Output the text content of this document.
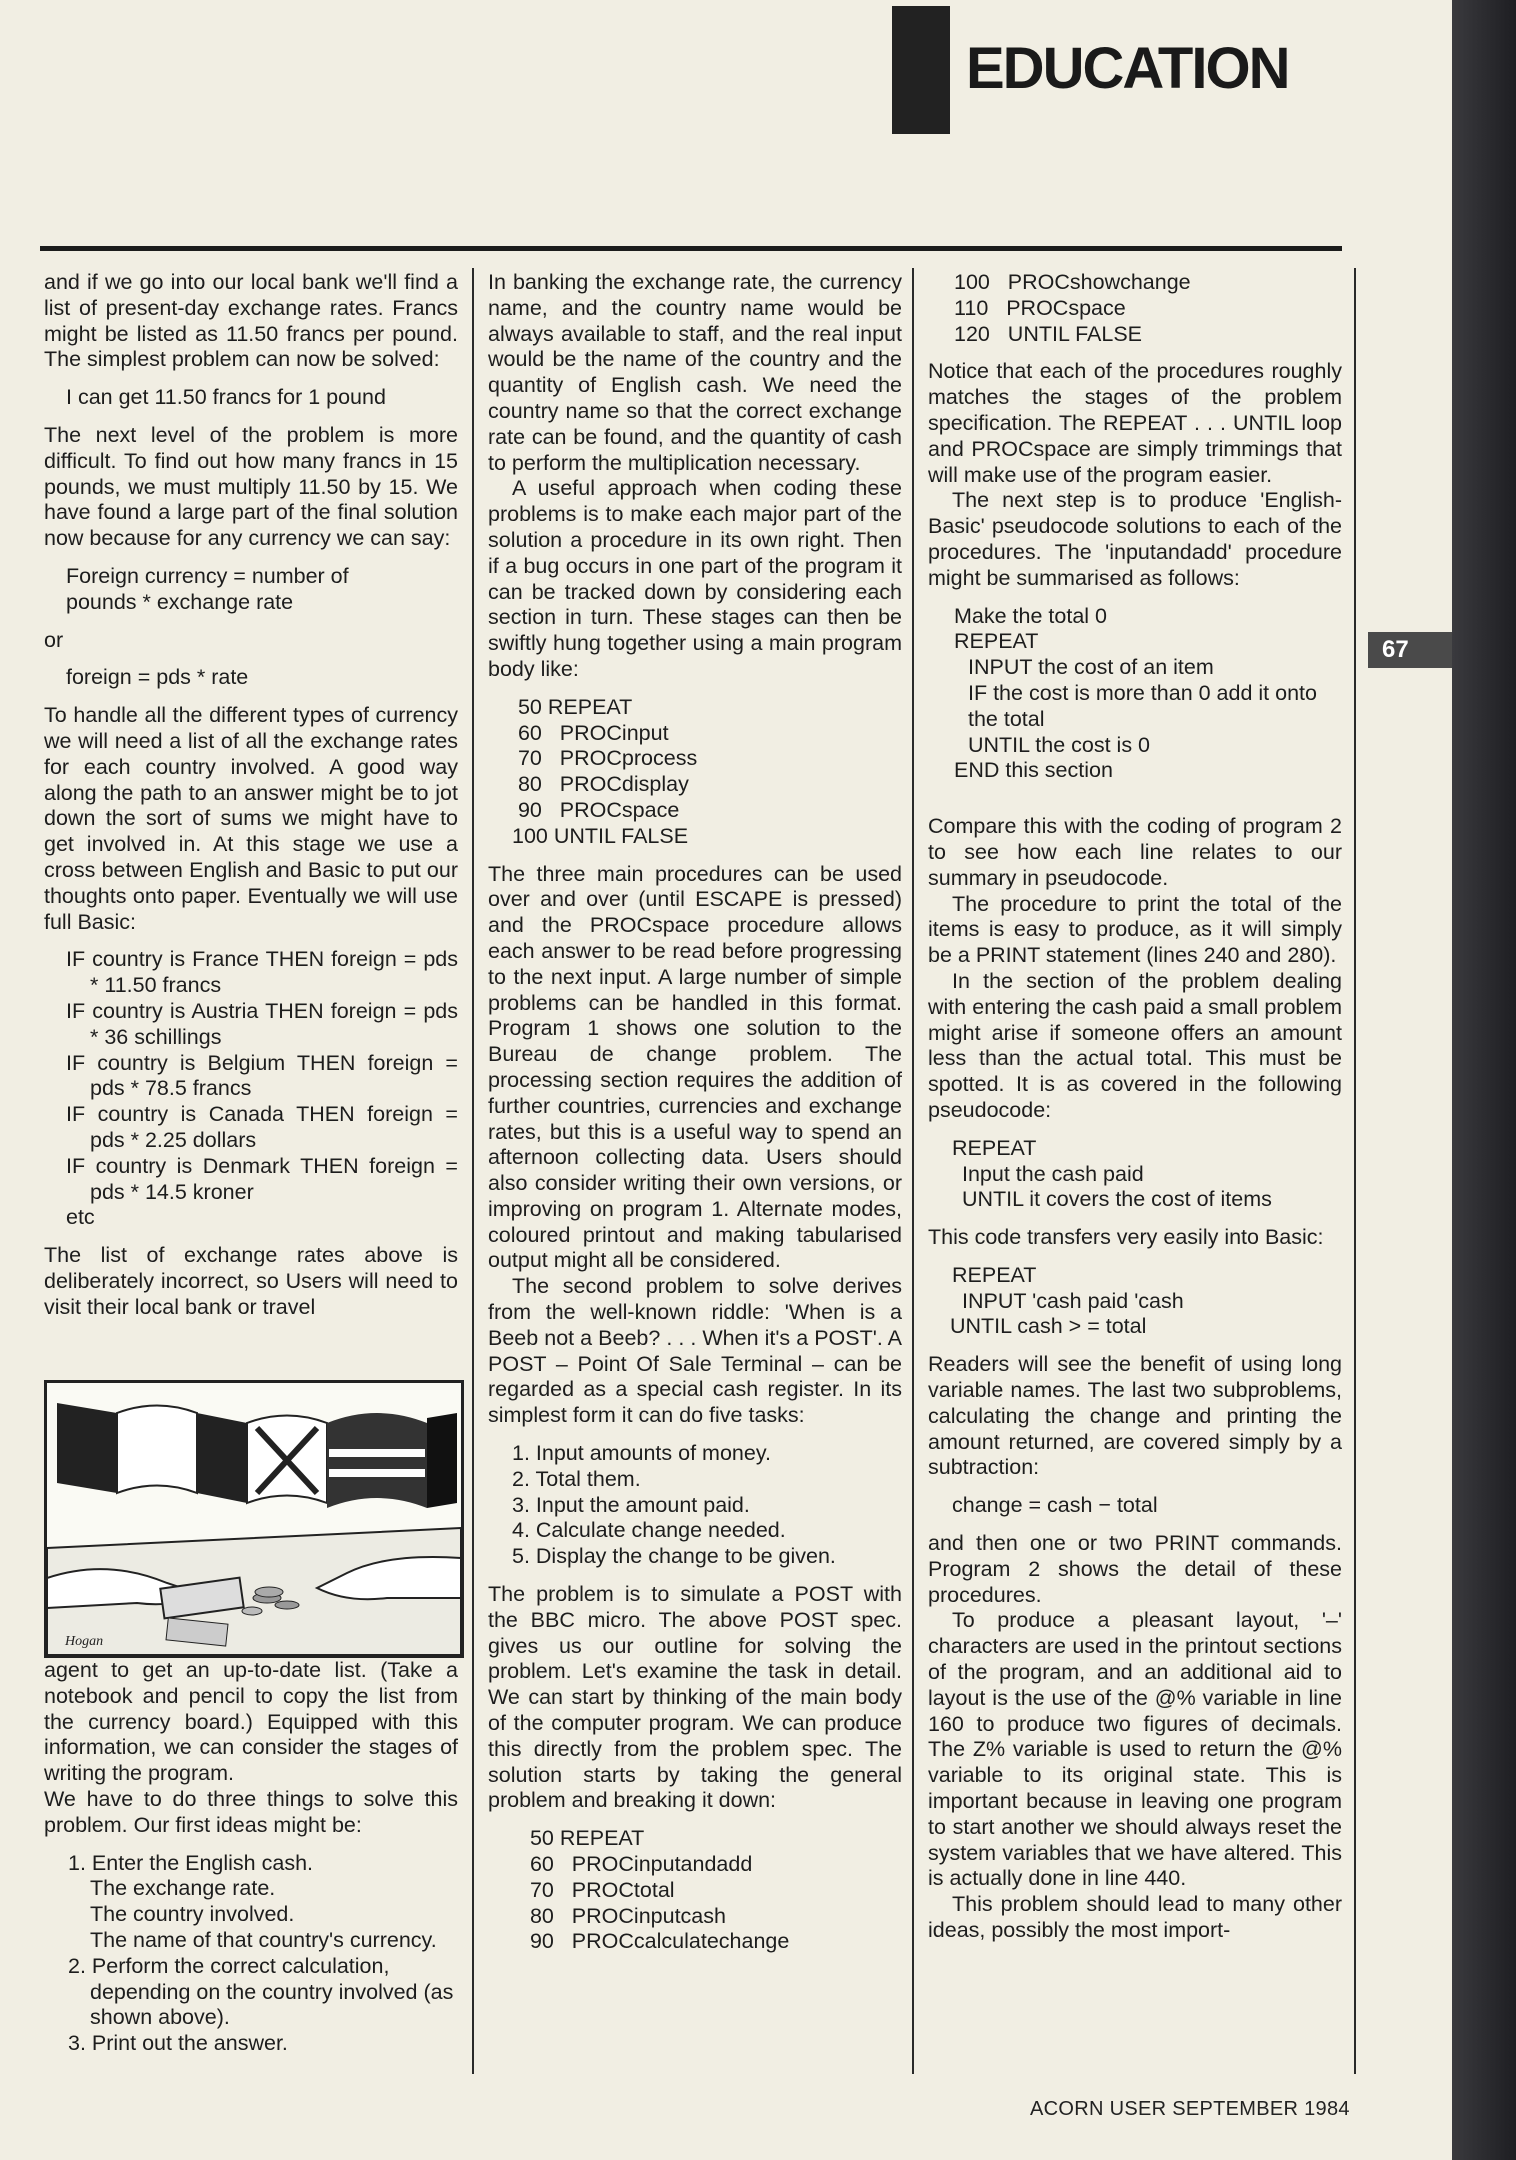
EDUCATION

and if we go into our local bank we'll find a list of present-day exchange rates. Francs might be listed as 11.50 francs per pound. The simplest problem can now be solved:

I can get 11.50 francs for 1 pound

The next level of the problem is more difficult. To find out how many francs in 15 pounds, we must multiply 11.50 by 15. We have found a large part of the final solution now because for any currency we can say:

Foreign currency = number of pounds * exchange rate

or

foreign = pds * rate

To handle all the different types of currency we will need a list of all the exchange rates for each country involved. A good way along the path to an answer might be to jot down the sort of sums we might have to get involved in. At this stage we use a cross between English and Basic to put our thoughts onto paper. Eventually we will use full Basic:

IF country is France THEN foreign = pds * 11.50 francs
IF country is Austria THEN foreign = pds * 36 schillings
IF country is Belgium THEN foreign = pds * 78.5 francs
IF country is Canada THEN foreign = pds * 2.25 dollars
IF country is Denmark THEN foreign = pds * 14.5 kroner
etc

The list of exchange rates above is deliberately incorrect, so Users will need to visit their local bank or travel

Hogan

agent to get an up-to-date list. (Take a notebook and pencil to copy the list from the currency board.) Equipped with this information, we can consider the stages of writing the program.

We have to do three things to solve this problem. Our first ideas might be:

1. Enter the English cash.
The exchange rate.
The country involved.
The name of that country's currency.
2. Perform the correct calculation, depending on the country involved (as shown above).
3. Print out the answer.

In banking the exchange rate, the currency name, and the country name would be always available to staff, and the real input would be the name of the country and the quantity of English cash. We need the country name so that the correct exchange rate can be found, and the quantity of cash to perform the multiplication necessary.

A useful approach when coding these problems is to make each major part of the solution a procedure in its own right. Then if a bug occurs in one part of the program it can be tracked down by considering each section in turn. These stages can then be swiftly hung together using a main program body like:

50 REPEAT
60   PROCinput
70   PROCprocess
80   PROCdisplay
90   PROCspace
100 UNTIL FALSE

The three main procedures can be used over and over (until ESCAPE is pressed) and the PROCspace procedure allows each answer to be read before progressing to the next input. A large number of simple problems can be handled in this format. Program 1 shows one solution to the Bureau de change problem. The processing section requires the addition of further countries, currencies and exchange rates, but this is a useful way to spend an afternoon collecting data. Users should also consider writing their own versions, or improving on program 1. Alternate modes, coloured printout and making tabularised output might all be considered.

The second problem to solve derives from the well-known riddle: 'When is a Beeb not a Beeb? . . . When it's a POST'. A POST – Point Of Sale Terminal – can be regarded as a special cash register. In its simplest form it can do five tasks:

1. Input amounts of money.
2. Total them.
3. Input the amount paid.
4. Calculate change needed.
5. Display the change to be given.

The problem is to simulate a POST with the BBC micro. The above POST spec. gives us our outline for solving the problem. Let's examine the task in detail. We can start by thinking of the main body of the computer program. We can produce this directly from the problem spec. The solution starts by taking the general problem and breaking it down:

50 REPEAT
60   PROCinputandadd
70   PROCtotal
80   PROCinputcash
90   PROCcalculatechange
100   PROCshowchange
110   PROCspace
120   UNTIL FALSE

Notice that each of the procedures roughly matches the stages of the problem specification. The REPEAT . . . UNTIL loop and PROCspace are simply trimmings that will make use of the program easier.

The next step is to produce 'English-Basic' pseudocode solutions to each of the procedures. The 'inputandadd' procedure might be summarised as follows:

Make the total 0
REPEAT
INPUT the cost of an item
IF the cost is more than 0 add it onto the total
UNTIL the cost is 0
END this section

Compare this with the coding of program 2 to see how each line relates to our summary in pseudocode.

The procedure to print the total of the items is easy to produce, as it will simply be a PRINT statement (lines 240 and 280).

In the section of the problem dealing with entering the cash paid a small problem might arise if someone offers an amount less than the actual total. This must be spotted. It is as covered in the following pseudocode:

REPEAT
Input the cash paid
UNTIL it covers the cost of items

This code transfers very easily into Basic:

REPEAT
INPUT 'cash paid 'cash
UNTIL cash > = total

Readers will see the benefit of using long variable names. The last two subproblems, calculating the change and printing the amount returned, are covered simply by a subtraction:

change = cash − total

and then one or two PRINT commands. Program 2 shows the detail of these procedures.

To produce a pleasant layout, '–' characters are used in the printout sections of the program, and an additional aid to layout is the use of the @% variable in line 160 to produce two figures of decimals. The Z% variable is used to return the @% variable to its original state. This is important because in leaving one program to start another we should always reset the system variables that we have altered. This is actually done in line 440.

This problem should lead to many other ideas, possibly the most import-

67
ACORN USER SEPTEMBER 1984
